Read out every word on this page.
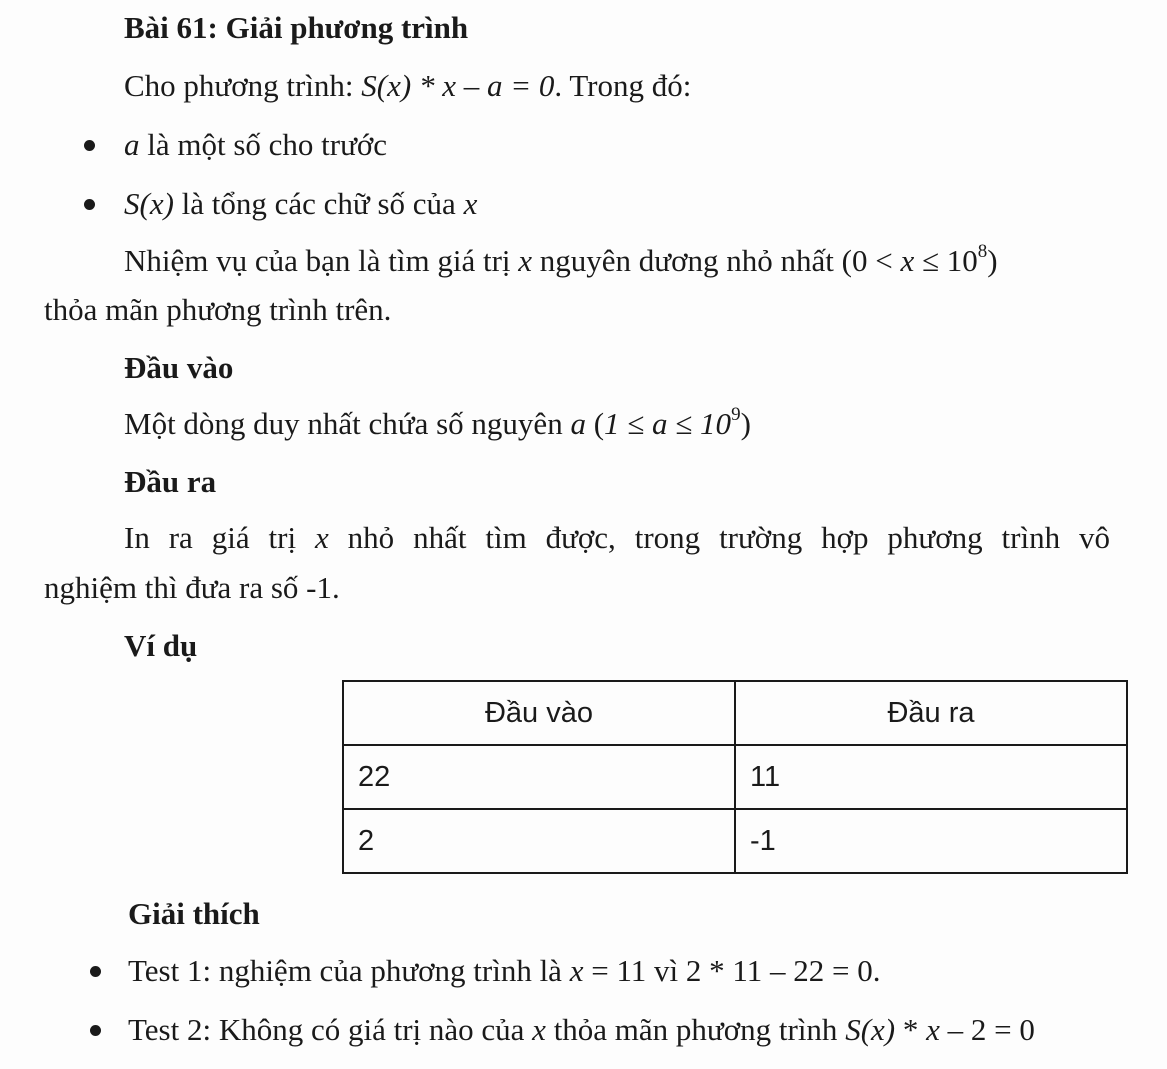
Bài 61: Giải phương trình
Cho phương trình: S(x) * x – a = 0. Trong đó:
a là một số cho trước
S(x) là tổng các chữ số của x
Nhiệm vụ của bạn là tìm giá trị x nguyên dương nhỏ nhất $(0 < x \le 10^8)$
thỏa mãn phương trình trên.
Đầu vào
Một dòng duy nhất chứa số nguyên a $(1 \le a \le 10^9)$
Đầu ra
In ra giá trị x nhỏ nhất tìm được, trong trường hợp phương trình vô
nghiệm thì đưa ra số -1.
Ví dụ
Đầu vào	Đầu ra
22	11
2	-1
Giải thích
Test 1: nghiệm của phương trình là x = 11 vì 2 * 11 – 22 = 0.
Test 2: Không có giá trị nào của x thỏa mãn phương trình S(x) * x – 2 = 0
